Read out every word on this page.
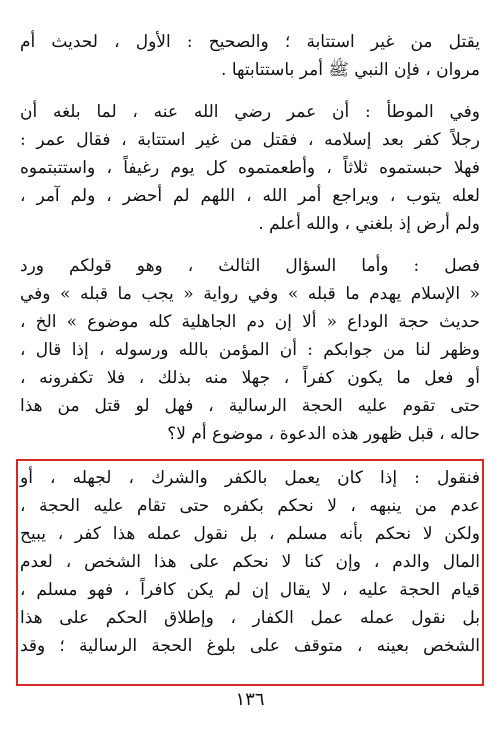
يقتل من غير استتابة ؛ والصحيح : الأول ، لحديث أم
مروان ، فإن النبي ﷺ أمر باستتابتها .
وفي الموطأ : أن عمر رضي الله عنه ، لما بلغه أن
رجلاً كفر بعد إسلامه ، فقتل من غير استتابة ، فقال عمر :
فهلا حبستموه ثلاثاً ، وأطعمتموه كل يوم رغيفاً ، واستتبتموه
لعله يتوب ، ويراجع أمر الله ، اللهم لم أحضر ، ولم آمر ،
ولم أرض إذ بلغني ، والله أعلم .
فصل : وأما السؤال الثالث ، وهو قولكم ورد
« الإسلام يهدم ما قبله » وفي رواية « يجب ما قبله » وفي
حديث حجة الوداع « ألا إن دم الجاهلية كله موضوع » الخ ،
وظهر لنا من جوابكم : أن المؤمن بالله ورسوله ، إذا قال ،
أو فعل ما يكون كفراً ، جهلا منه بذلك ، فلا تكفرونه ،
حتى تقوم عليه الحجة الرسالية ، فهل لو قتل من هذا
حاله ، قبل ظهور هذه الدعوة ، موضوع أم لا؟
فنقول : إذا كان يعمل بالكفر والشرك ، لجهله ، أو
عدم من ينبهه ، لا نحكم بكفره حتى تقام عليه الحجة ،
ولكن لا نحكم بأنه مسلم ، بل نقول عمله هذا كفر ، يبيح
المال والدم ، وإن كنا لا نحكم على هذا الشخص ، لعدم
قيام الحجة عليه ، لا يقال إن لم يكن كافراً ، فهو مسلم ،
بل نقول عمله عمل الكفار ، وإطلاق الحكم على هذا
الشخص بعينه ، متوقف على بلوغ الحجة الرسالية ؛ وقد
١٣٦
